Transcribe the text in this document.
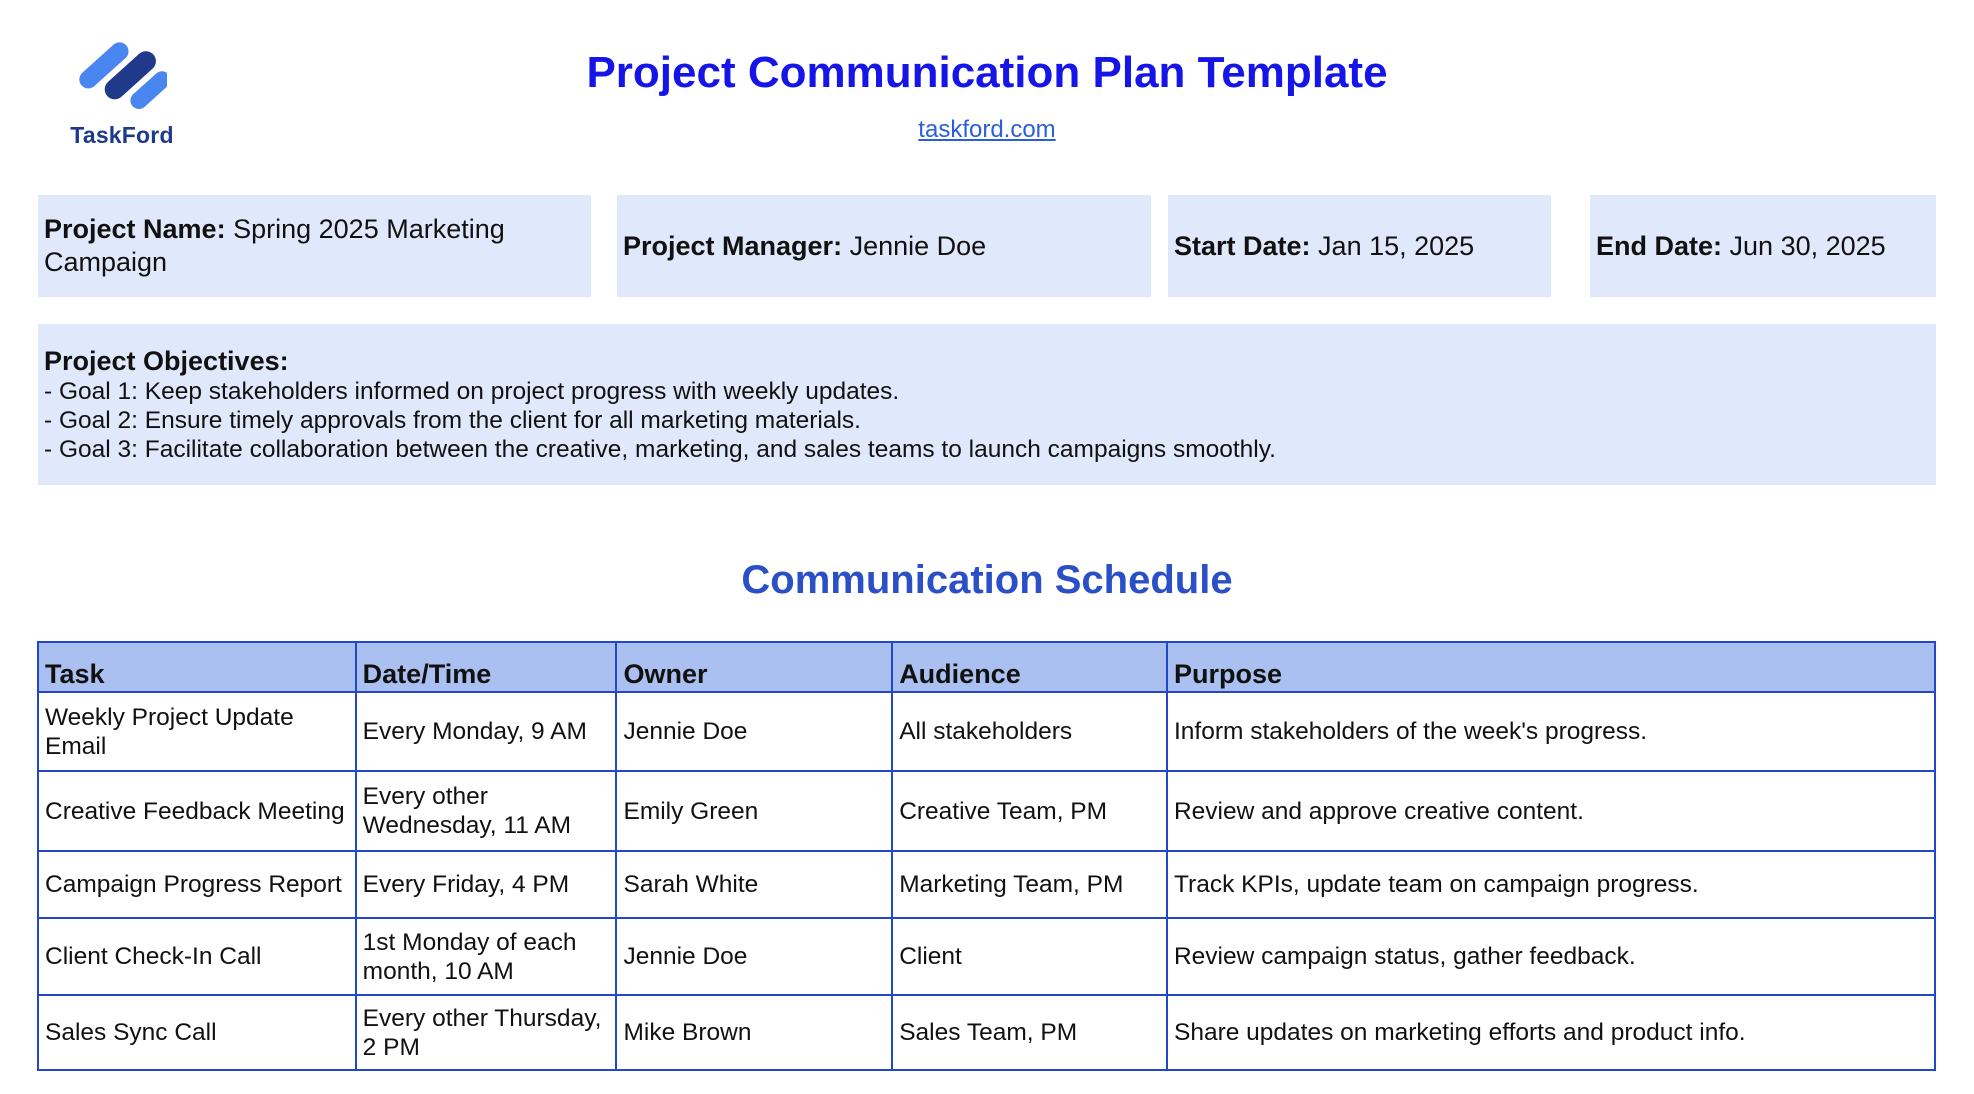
TaskFord
Project Communication Plan Template
taskford.com
Project Name: Spring 2025 Marketing Campaign
Project Manager: Jennie Doe	Start Date: Jan 15, 2025	End Date: Jun 30, 2025
Project Objectives:
- Goal 1: Keep stakeholders informed on project progress with weekly updates.
- Goal 2: Ensure timely approvals from the client for all marketing materials.
- Goal 3: Facilitate collaboration between the creative, marketing, and sales teams to launch campaigns smoothly.
Communication Schedule
Task	Date/Time	Owner	Audience	Purpose
Weekly Project Update Email	Every Monday, 9 AM	Jennie Doe	All stakeholders	Inform stakeholders of the week's progress.
Creative Feedback Meeting	Every other Wednesday, 11 AM	Emily Green	Creative Team, PM	Review and approve creative content.
Campaign Progress Report	Every Friday, 4 PM	Sarah White	Marketing Team, PM	Track KPIs, update team on campaign progress.
Client Check-In Call	1st Monday of each month, 10 AM	Jennie Doe	Client	Review campaign status, gather feedback.
Sales Sync Call	Every other Thursday, 2 PM	Mike Brown	Sales Team, PM	Share updates on marketing efforts and product info.
